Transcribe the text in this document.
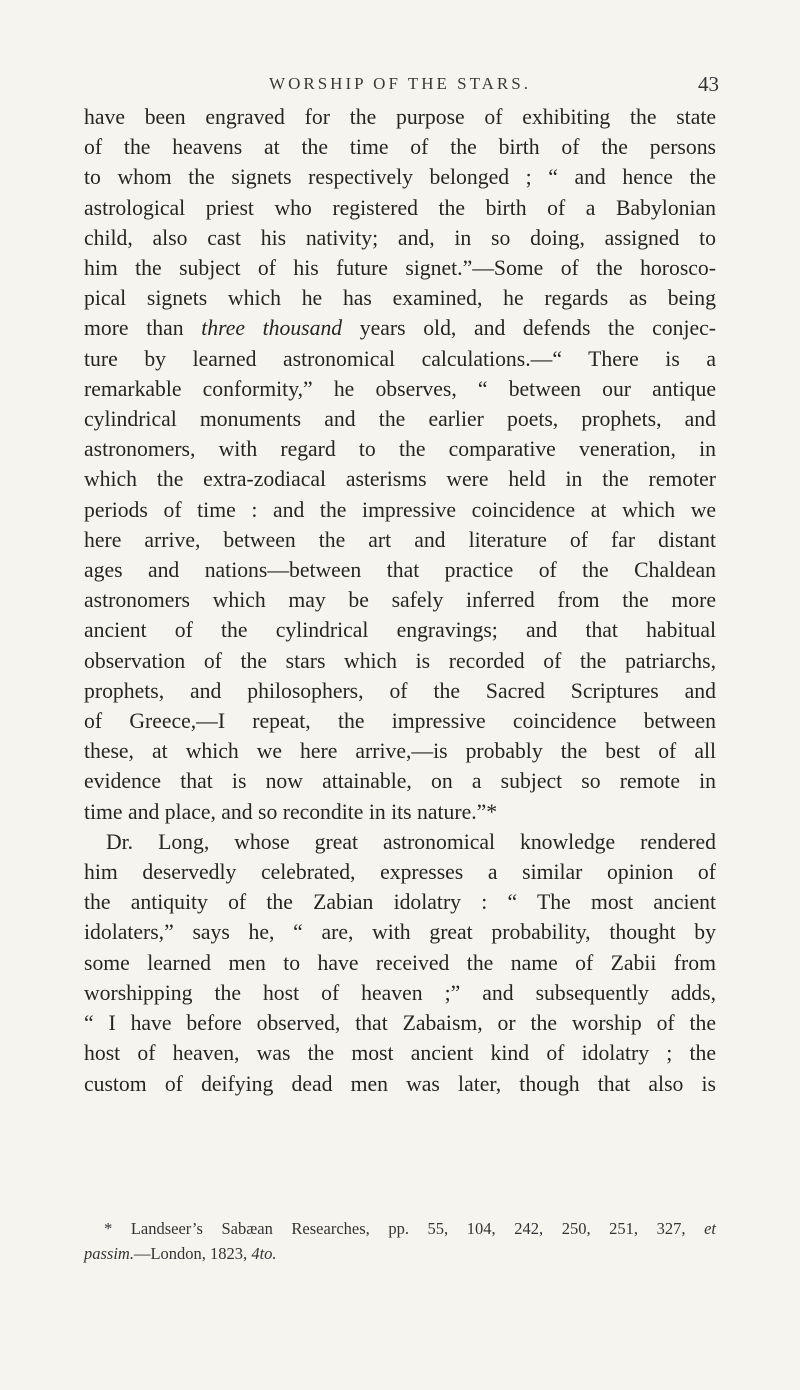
WORSHIP OF THE STARS.	43
have been engraved for the purpose of exhibiting the state
of the heavens at the time of the birth of the persons
to whom the signets respectively belonged ; “ and hence the
astrological priest who registered the birth of a Babylonian
child, also cast his nativity; and, in so doing, assigned to
him the subject of his future signet.”—Some of the horosco-
pical signets which he has examined, he regards as being
more than three thousand years old, and defends the conjec-
ture by learned astronomical calculations.—“ There is a
remarkable conformity,” he observes, “ between our antique
cylindrical monuments and the earlier poets, prophets, and
astronomers, with regard to the comparative veneration, in
which the extra-zodiacal asterisms were held in the remoter
periods of time : and the impressive coincidence at which we
here arrive, between the art and literature of far distant
ages and nations—between that practice of the Chaldean
astronomers which may be safely inferred from the more
ancient of the cylindrical engravings; and that habitual
observation of the stars which is recorded of the patriarchs,
prophets, and philosophers, of the Sacred Scriptures and
of Greece,—I repeat, the impressive coincidence between
these, at which we here arrive,—is probably the best of all
evidence that is now attainable, on a subject so remote in
time and place, and so recondite in its nature.”*
Dr. Long, whose great astronomical knowledge rendered
him deservedly celebrated, expresses a similar opinion of
the antiquity of the Zabian idolatry : “ The most ancient
idolaters,” says he, “ are, with great probability, thought by
some learned men to have received the name of Zabii from
worshipping the host of heaven ;” and subsequently adds,
“ I have before observed, that Zabaism, or the worship of the
host of heaven, was the most ancient kind of idolatry ; the
custom of deifying dead men was later, though that also is
* Landseer’s Sabæan Researches, pp. 55, 104, 242, 250, 251, 327, et
passim.—London, 1823, 4to.
